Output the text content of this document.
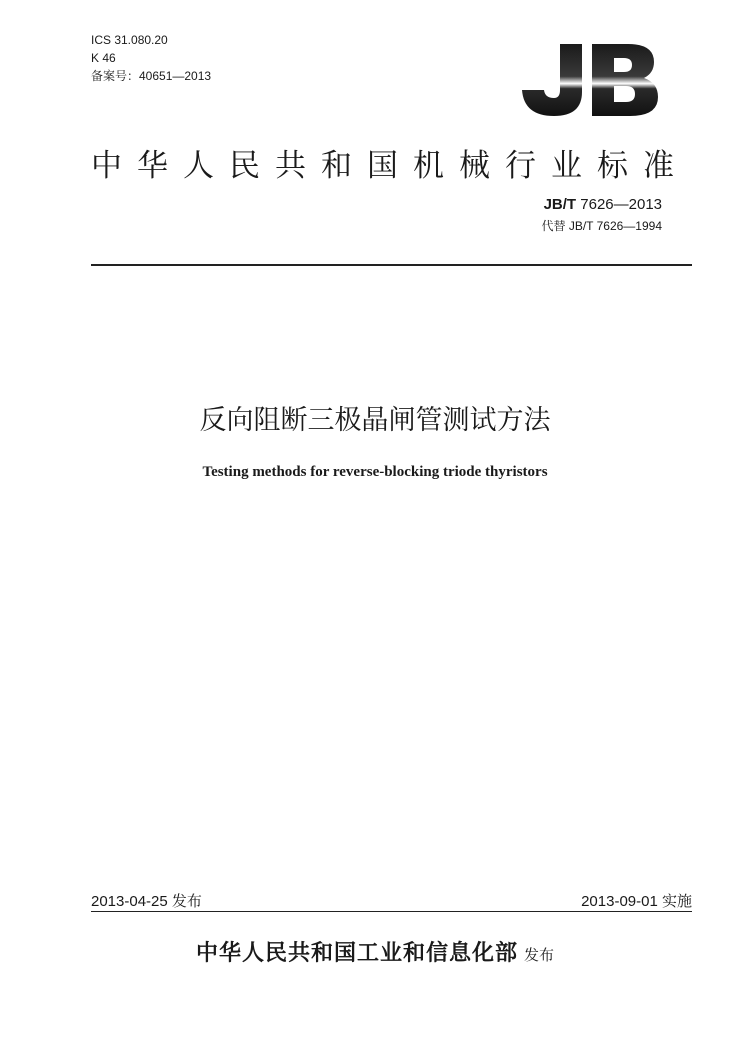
ICS 31.080.20
K 46
备案号：40651—2013
中华人民共和国机械行业标准
JB/T 7626—2013
代替 JB/T 7626—1994
反向阻断三极晶闸管测试方法
Testing methods for reverse-blocking triode thyristors
2013-04-25 发布	2013-09-01 实施
中华人民共和国工业和信息化部 发布
